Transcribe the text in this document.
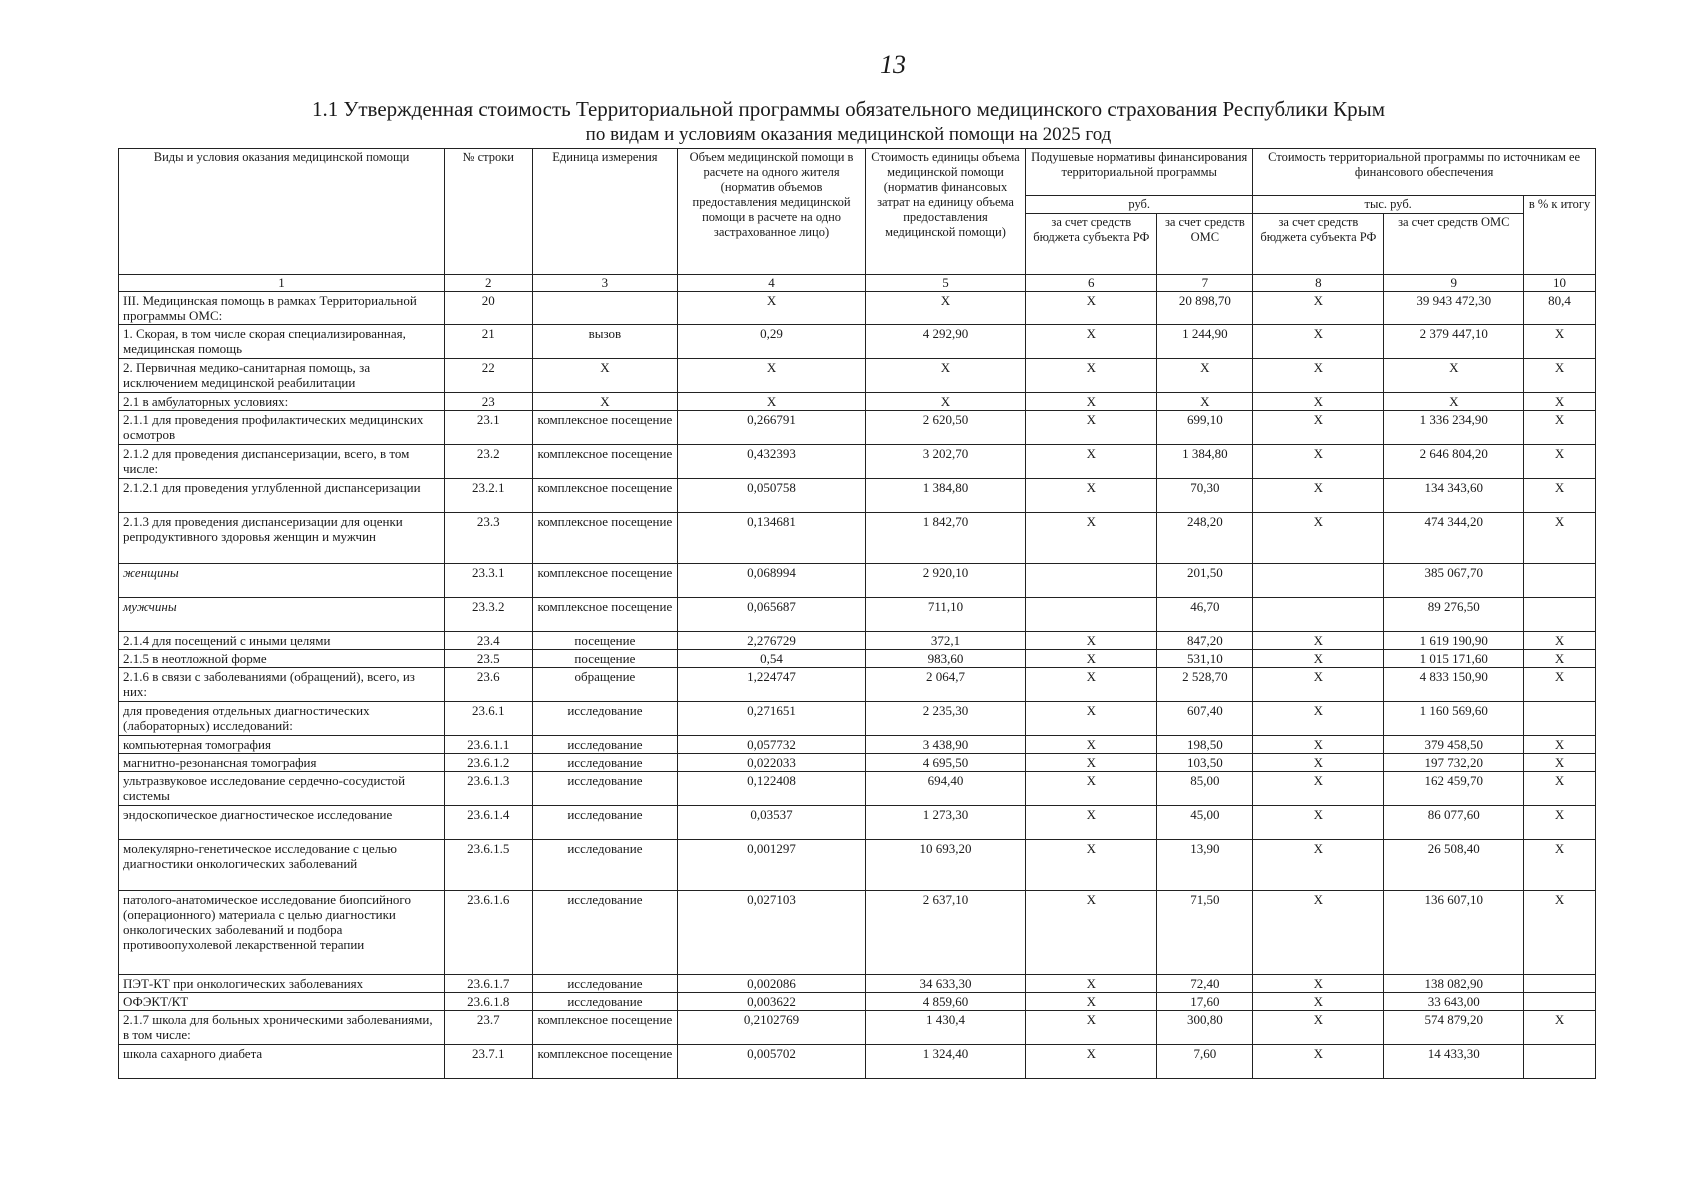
13
1.1 Утвержденная стоимость Территориальной программы обязательного медицинского страхования Республики Крым
по видам и условиям оказания медицинской помощи на 2025 год
Виды и условия оказания медицинской помощи	№ строки	Единица измерения	Объем медицинской помощи в расчете на одного жителя (норматив объемов предоставления медицинской помощи в расчете на одно застрахованное лицо)	Стоимость единицы объема медицинской помощи (норматив финансовых затрат на единицу объема предоставления медицинской помощи)	Подушевые нормативы финансирования территориальной программы		Стоимость территориальной программы по источникам ее финансового обеспечения		
					руб.		тыс. руб.		в % к итогу
					за счет средств бюджета субъекта РФ	за счет средств ОМС	за счет средств бюджета субъекта РФ	за счет средств ОМС	
1	2	3	4	5	6	7	8	9	10
III. Медицинская помощь в рамках Территориальной программы ОМС:	20		X	X	X	20 898,70	X	39 943 472,30	80,4
1. Скорая, в том числе скорая специализированная, медицинская помощь	21	вызов	0,29	4 292,90	X	1 244,90	X	2 379 447,10	X
2. Первичная медико-санитарная помощь, за исключением медицинской реабилитации	22	X	X	X	X	X	X	X	X
2.1 в амбулаторных условиях:	23	X	X	X	X	X	X	X	X
2.1.1 для проведения профилактических медицинских осмотров	23.1	комплексное посещение	0,266791	2 620,50	X	699,10	X	1 336 234,90	X
2.1.2 для проведения диспансеризации, всего, в том числе:	23.2	комплексное посещение	0,432393	3 202,70	X	1 384,80	X	2 646 804,20	X
2.1.2.1 для проведения углубленной диспансеризации	23.2.1	комплексное посещение	0,050758	1 384,80	X	70,30	X	134 343,60	X
2.1.3 для проведения диспансеризации для оценки репродуктивного здоровья женщин и мужчин	23.3	комплексное посещение	0,134681	1 842,70	X	248,20	X	474 344,20	X
женщины	23.3.1	комплексное посещение	0,068994	2 920,10		201,50		385 067,70	
мужчины	23.3.2	комплексное посещение	0,065687	711,10		46,70		89 276,50	
2.1.4 для посещений с иными целями	23.4	посещение	2,276729	372,1	X	847,20	X	1 619 190,90	X
2.1.5 в неотложной форме	23.5	посещение	0,54	983,60	X	531,10	X	1 015 171,60	X
2.1.6 в связи с заболеваниями (обращений), всего, из них:	23.6	обращение	1,224747	2 064,7	X	2 528,70	X	4 833 150,90	X
для проведения отдельных диагностических (лабораторных) исследований:	23.6.1	исследование	0,271651	2 235,30	X	607,40	X	1 160 569,60	
компьютерная томография	23.6.1.1	исследование	0,057732	3 438,90	X	198,50	X	379 458,50	X
магнитно-резонансная томография	23.6.1.2	исследование	0,022033	4 695,50	X	103,50	X	197 732,20	X
ультразвуковое исследование сердечно-сосудистой системы	23.6.1.3	исследование	0,122408	694,40	X	85,00	X	162 459,70	X
эндоскопическое диагностическое исследование	23.6.1.4	исследование	0,03537	1 273,30	X	45,00	X	86 077,60	X
молекулярно-генетическое исследование с целью диагностики онкологических заболеваний	23.6.1.5	исследование	0,001297	10 693,20	X	13,90	X	26 508,40	X
патолого-анатомическое исследование биопсийного (операционного) материала с целью диагностики онкологических заболеваний и подбора противоопухолевой лекарственной терапии	23.6.1.6	исследование	0,027103	2 637,10	X	71,50	X	136 607,10	X
ПЭТ-КТ при онкологических заболеваниях	23.6.1.7	исследование	0,002086	34 633,30	X	72,40	X	138 082,90	
ОФЭКТ/КТ	23.6.1.8	исследование	0,003622	4 859,60	X	17,60	X	33 643,00	
2.1.7 школа для больных хроническими заболеваниями, в том числе:	23.7	комплексное посещение	0,2102769	1 430,4	X	300,80	X	574 879,20	X
школа сахарного диабета	23.7.1	комплексное посещение	0,005702	1 324,40	X	7,60	X	14 433,30	
